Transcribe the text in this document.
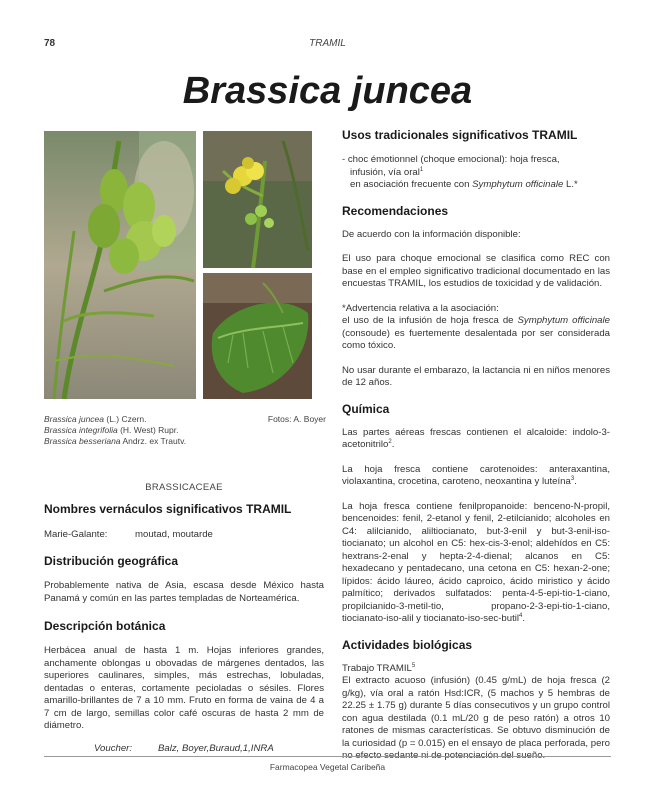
78	TRAMIL
Brassica juncea
Brassica juncea (L.) Czern.
Brassica integrifolia (H. West) Rupr.
Brassica besseriana Andrz. ex Trautv.
Fotos: A. Boyer
BRASSICACEAE
Nombres vernáculos significativos TRAMIL
Marie-Galante:	moutad, moutarde
Distribución geográfica

Probablemente nativa de Asia, escasa desde México hasta Panamá y común en las partes templadas de Norteamérica.

Descripción botánica

Herbácea anual de hasta 1 m. Hojas inferiores grandes, anchamente oblongas u obovadas de márgenes dentados, las superiores caulinares, simples, más estrechas, lobuladas, dentadas o enteras, cortamente pecioladas o sésiles. Flores amarillo-brillantes de 7 a 10 mm. Fruto en forma de vaina de 4 a 7 cm de largo, semillas color café oscuras de hasta 2 mm de diámetro.

Voucher:	Balz, Boyer,Buraud,1,INRA
Usos tradicionales significativos TRAMIL
- choc émotionnel (choque emocional): hoja fresca,
infusión, vía oral$^1$
en asociación frecuente con Symphytum officinale L.*
Recomendaciones

De acuerdo con la información disponible:

El uso para choque emocional se clasifica como REC con base en el empleo significativo tradicional documentado en las encuestas TRAMIL, los estudios de toxicidad y de validación.

*Advertencia relativa a la asociación:
el uso de la infusión de hoja fresca de Symphytum officinale (consoude) es fuertemente desalentada por ser considerada como tóxico.

No usar durante el embarazo, la lactancia ni en niños menores de 12 años.

Química

Las partes aéreas frescas contienen el alcaloide: indolo-3-acetonitrilo$^2$.

La hoja fresca contiene carotenoides: anteraxantina, violaxantina, crocetina, caroteno, neoxantina y luteína$^3$.

La hoja fresca contiene fenilpropanoide: benceno-N-propil, bencenoides: fenil, 2-etanol y fenil, 2-etilcianido; alcoholes en C4: alilcianido, aliltiocianato, but-3-enil y but-3-enil-iso-tiocianato; un alcohol en C5: hex-cis-3-enol; aldehídos en C5: hextrans-2-enal y hepta-2-4-dienal; alcanos en C5: hexadecano y pentadecano, una cetona en C5: hexan-2-one; lípidos: ácido láureo, ácido caproico, ácido miristico y ácido palmítico; derivados sulfatados: penta-4-5-epi-tio-1-ciano, propilcianido-3-metil-tio, propano-2-3-epi-tio-1-ciano, tiocianato-iso-alil y tiocianato-iso-sec-butil$^4$.

Actividades biológicas

Trabajo TRAMIL$^5$

El extracto acuoso (infusión) (0.45 g/mL) de hoja fresca (2 g/kg), vía oral a ratón Hsd:ICR, (5 machos y 5 hembras de 22.25 ± 1.75 g) durante 5 días consecutivos y un grupo control con agua destilada (0.1 mL/20 g de peso ratón) a otros 10 ratones de mismas características. Se obtuvo disminución de la curiosidad (p = 0.015) en el ensayo de placa perforada, pero

Farmacopea Vegetal Caribeña
